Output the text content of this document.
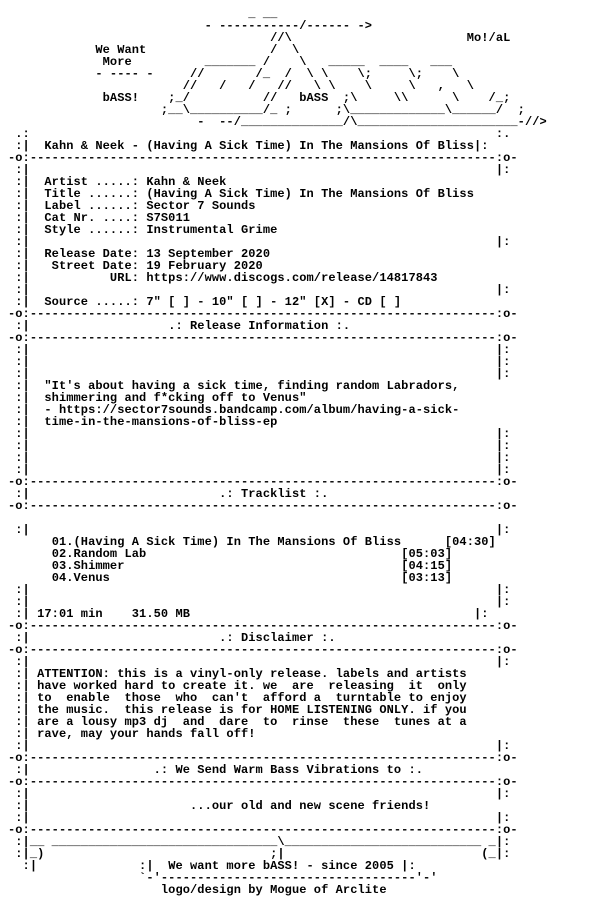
_ __
- -----------/------ ->
//\                        Mo!/aL
We Want                 /  \
More          _______ /    \   _____  ____   ___
- ---- -     //       /_  /  \ \    \;     \;    \
//   /   /   //   \ \    \     \   ,   \
bASS!    ;_/          //   bASS  ;\     \\      \    /_;
;__\__________/_ ;      ;\_____________\______/  ;
-  --/______________/\______________________-//>
.:                                                                :.
:|  Kahn & Neek - (Having A Sick Time) In The Mansions Of Bliss|:
-o:----------------------------------------------------------------:o-
:|                                                                |:
:|  Artist .....: Kahn & Neek
:|  Title ......: (Having A Sick Time) In The Mansions Of Bliss
:|  Label ......: Sector 7 Sounds
:|  Cat Nr. ....: S7S011
:|  Style ......: Instrumental Grime
:|                                                                |:
:|  Release Date: 13 September 2020
:|   Street Date: 19 February 2020
:|           URL: https://www.discogs.com/release/14817843
:|                                                                |:
:|  Source .....: 7" [ ] - 10" [ ] - 12" [X] - CD [ ]
-o:----------------------------------------------------------------:o-
:|	.: Release Information :.
-o:----------------------------------------------------------------:o-
:|                                                                |:
:|                                                                |:
:|                                                                |:
:|  "It's about having a sick time, finding random Labradors,
:|  shimmering and f*cking off to Venus"
:|  - https://sector7sounds.bandcamp.com/album/having-a-sick-
:|  time-in-the-mansions-of-bliss-ep
:|                                                                |:
:|                                                                |:
:|                                                                |:
:|                                                                |:
-o:----------------------------------------------------------------:o-
:|	.: Tracklist :.
-o:----------------------------------------------------------------:o-

:|                                                                |:
01.(Having A Sick Time) In The Mansions Of Bliss	[04:30]
02.Random Lab	[05:03]
03.Shimmer	[04:15]
04.Venus	[03:13]
:|                                                                |:
:|                                                                |:
:| 17:01 min 31.50 MB	|:
-o:----------------------------------------------------------------:o-
:|	.: Disclaimer :.
-o:----------------------------------------------------------------:o-
:|                                                                |:
:| ATTENTION: this is a vinyl-only release. labels and artists
:| have worked hard to create it. we  are  releasing  it  only
:| to  enable  those  who  can't  afford a  turntable to enjoy
:| the music.  this release is for HOME LISTENING ONLY. if you
:| are a lousy mp3 dj  and  dare  to  rinse  these  tunes at a
:| rave, may your hands fall off!
:|                                                                |:
-o:----------------------------------------------------------------:o-
:|	.: We Send Warm Bass Vibrations to :.
-o:----------------------------------------------------------------:o-
:|                                                                |:
:|	...our old and new scene friends!
:|                                                                |:
-o:----------------------------------------------------------------:o-
:|__ _______________________________\___________________________ _|:
:|_)                               ;|                           (_|:
:|              :|  We want more bASS! - since 2005 |:
`-'-----------------------------------'-'
logo/design by Mogue of Arclite
